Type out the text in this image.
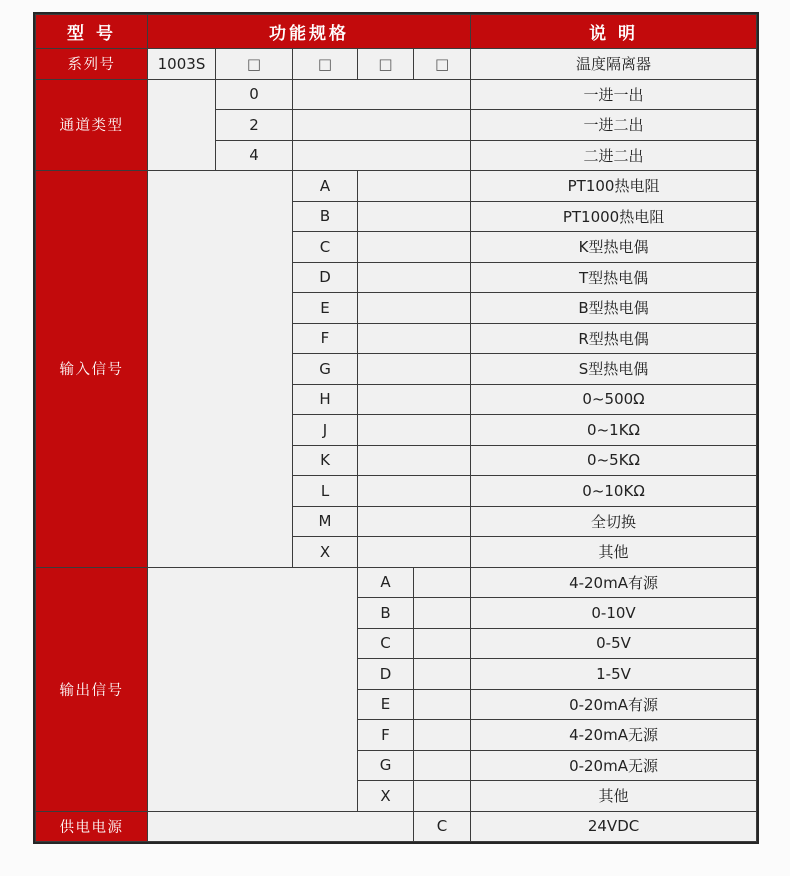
型 号	功能规格					说 明
系列号	1003S	□	□	□	□	温度隔离器
通道类型		0				一进一出
		2				一进二出
		4				二进二出
输入信号			A			PT100热电阻
			B			PT1000热电阻
			C			K型热电偶
			D			T型热电偶
			E			B型热电偶
			F			R型热电偶
			G			S型热电偶
			H			0~500Ω
			J			0~1KΩ
			K			0~5KΩ
			L			0~10KΩ
			M			全切换
			X			其他
输出信号				A		4-20mA有源
				B		0-10V
				C		0-5V
				D		1-5V
				E		0-20mA有源
				F		4-20mA无源
				G		0-20mA无源
				X		其他
供电电源					C	24VDC
